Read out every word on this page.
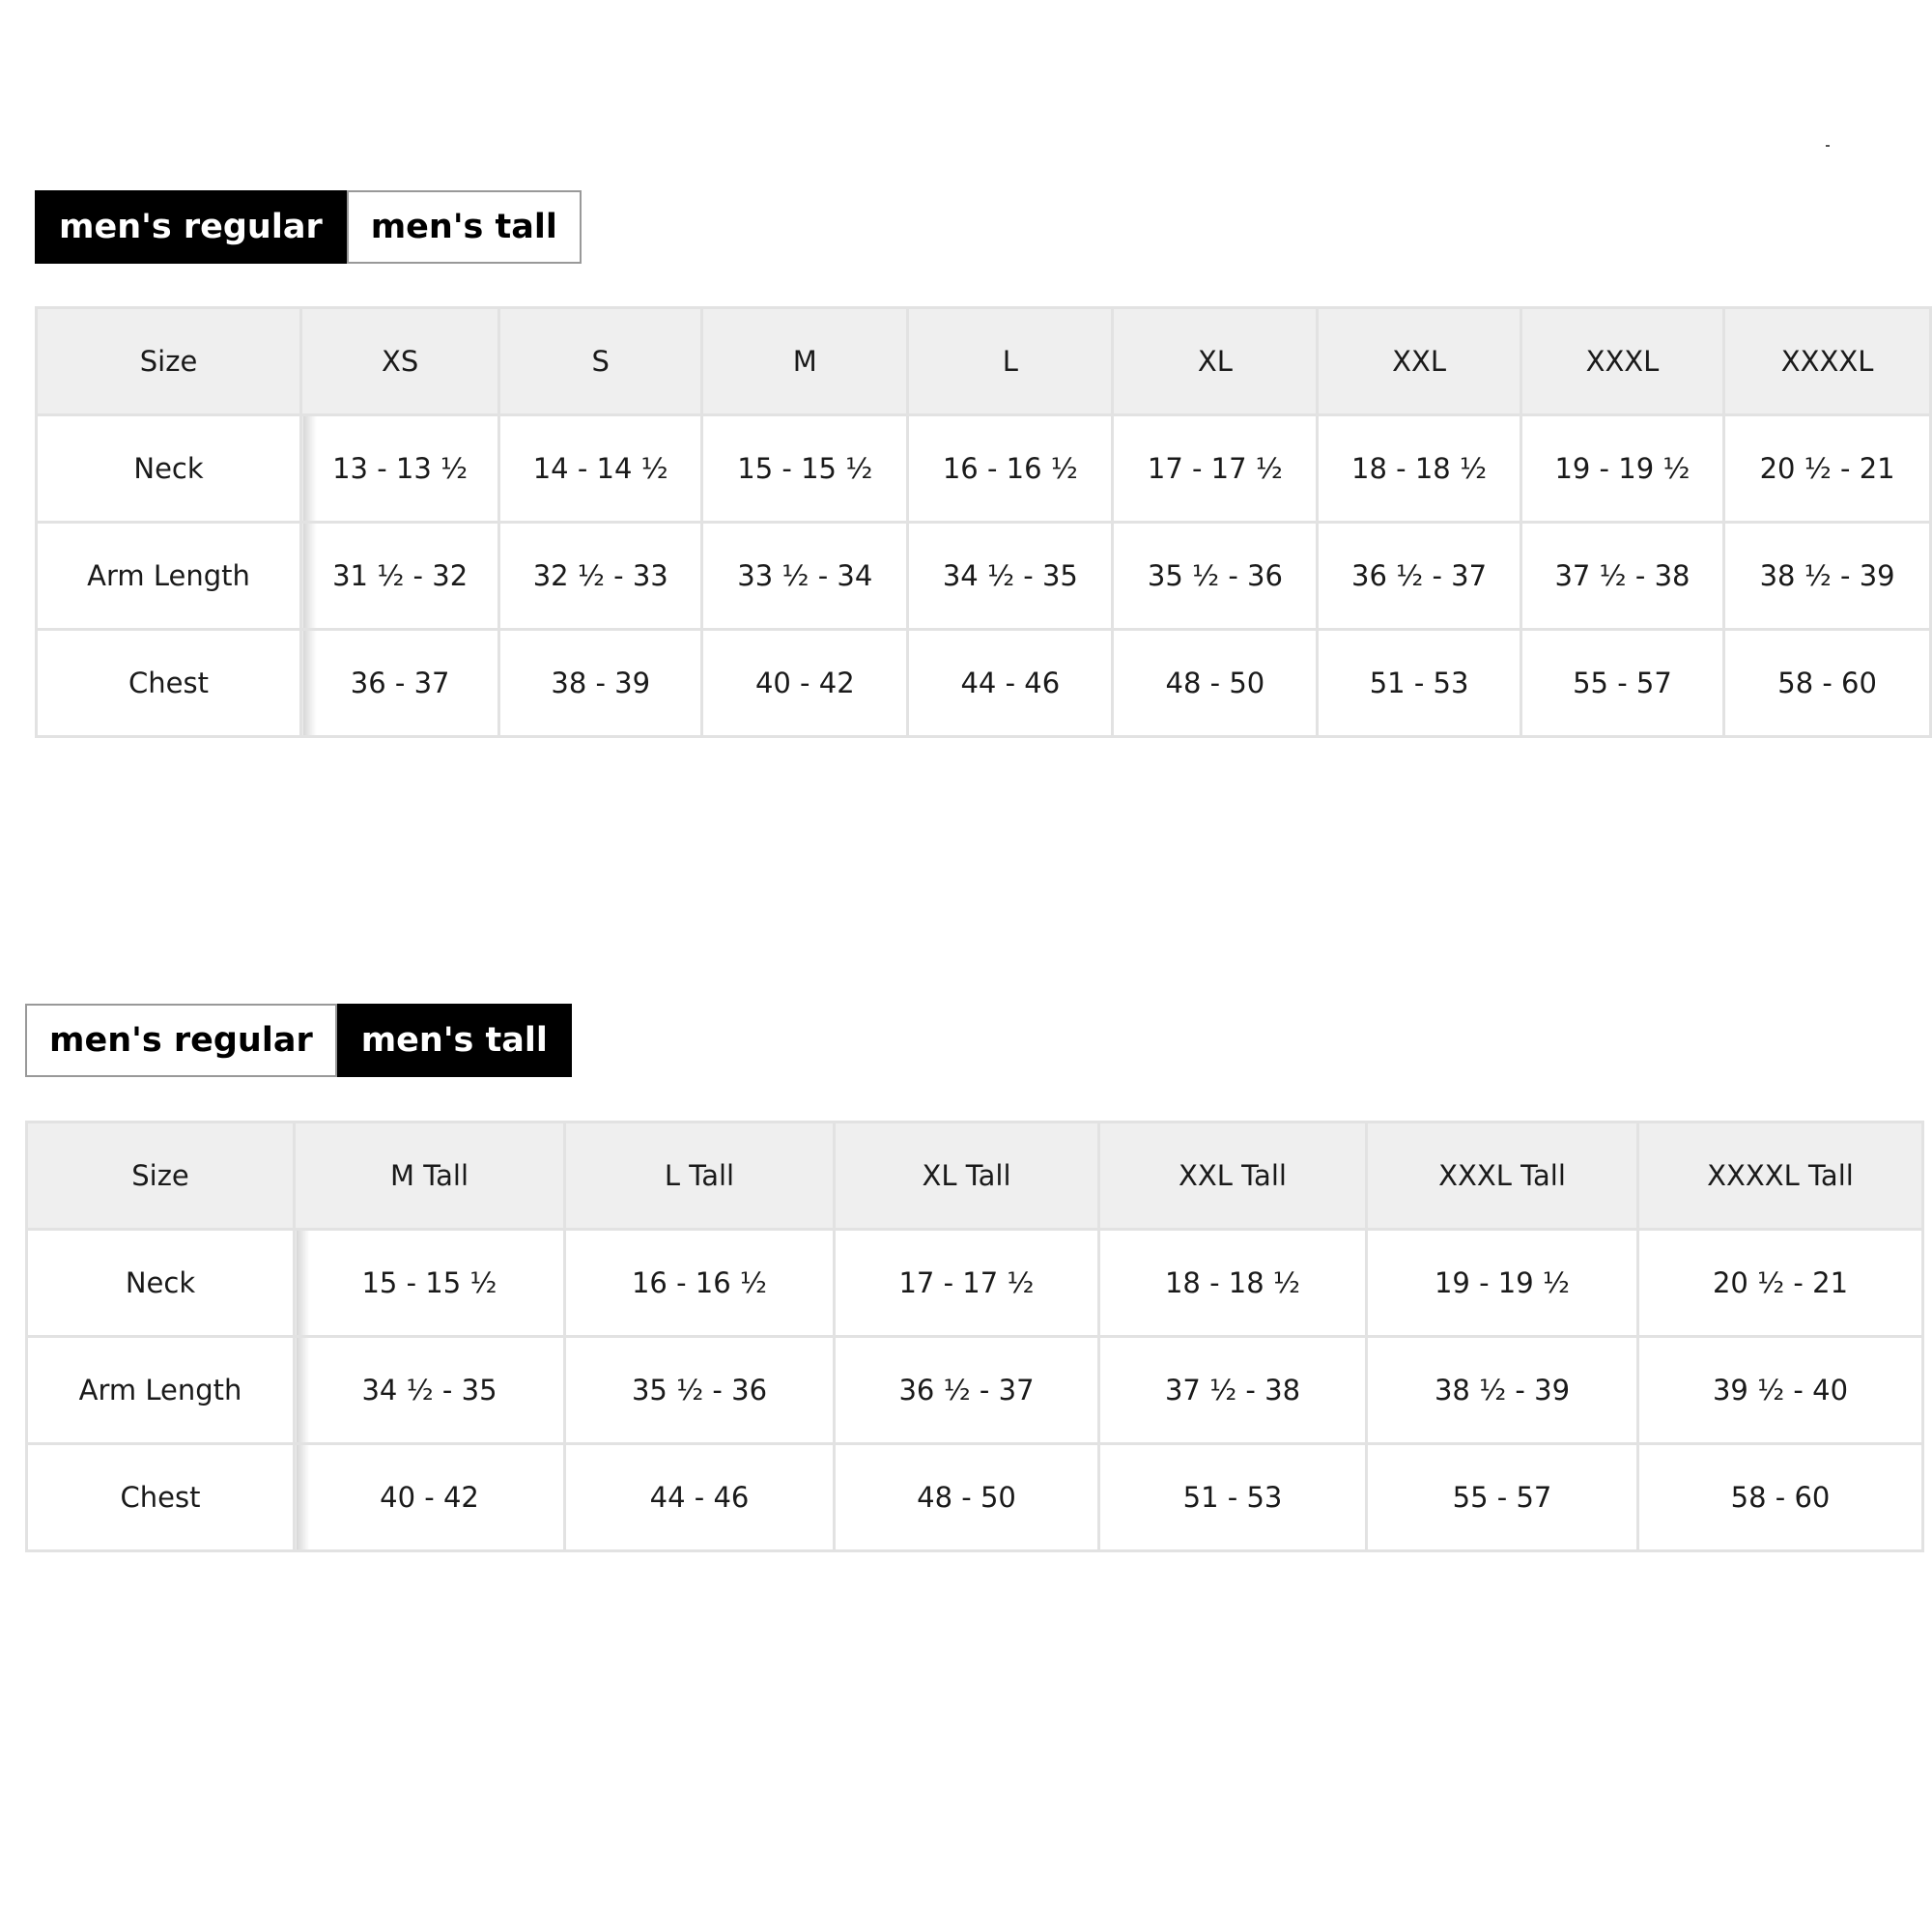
men's regular	men's tall
Size	XS	S	M	L	XL	XXL	XXXL	XXXXL
Neck	13 - 13 ½	14 - 14 ½	15 - 15 ½	16 - 16 ½	17 - 17 ½	18 - 18 ½	19 - 19 ½	20 ½ - 21
Arm Length	31 ½ - 32	32 ½ - 33	33 ½ - 34	34 ½ - 35	35 ½ - 36	36 ½ - 37	37 ½ - 38	38 ½ - 39
Chest	36 - 37	38 - 39	40 - 42	44 - 46	48 - 50	51 - 53	55 - 57	58 - 60
men's regular	men's tall
Size	M Tall	L Tall	XL Tall	XXL Tall	XXXL Tall	XXXXL Tall
Neck	15 - 15 ½	16 - 16 ½	17 - 17 ½	18 - 18 ½	19 - 19 ½	20 ½ - 21
Arm Length	34 ½ - 35	35 ½ - 36	36 ½ - 37	37 ½ - 38	38 ½ - 39	39 ½ - 40
Chest	40 - 42	44 - 46	48 - 50	51 - 53	55 - 57	58 - 60
